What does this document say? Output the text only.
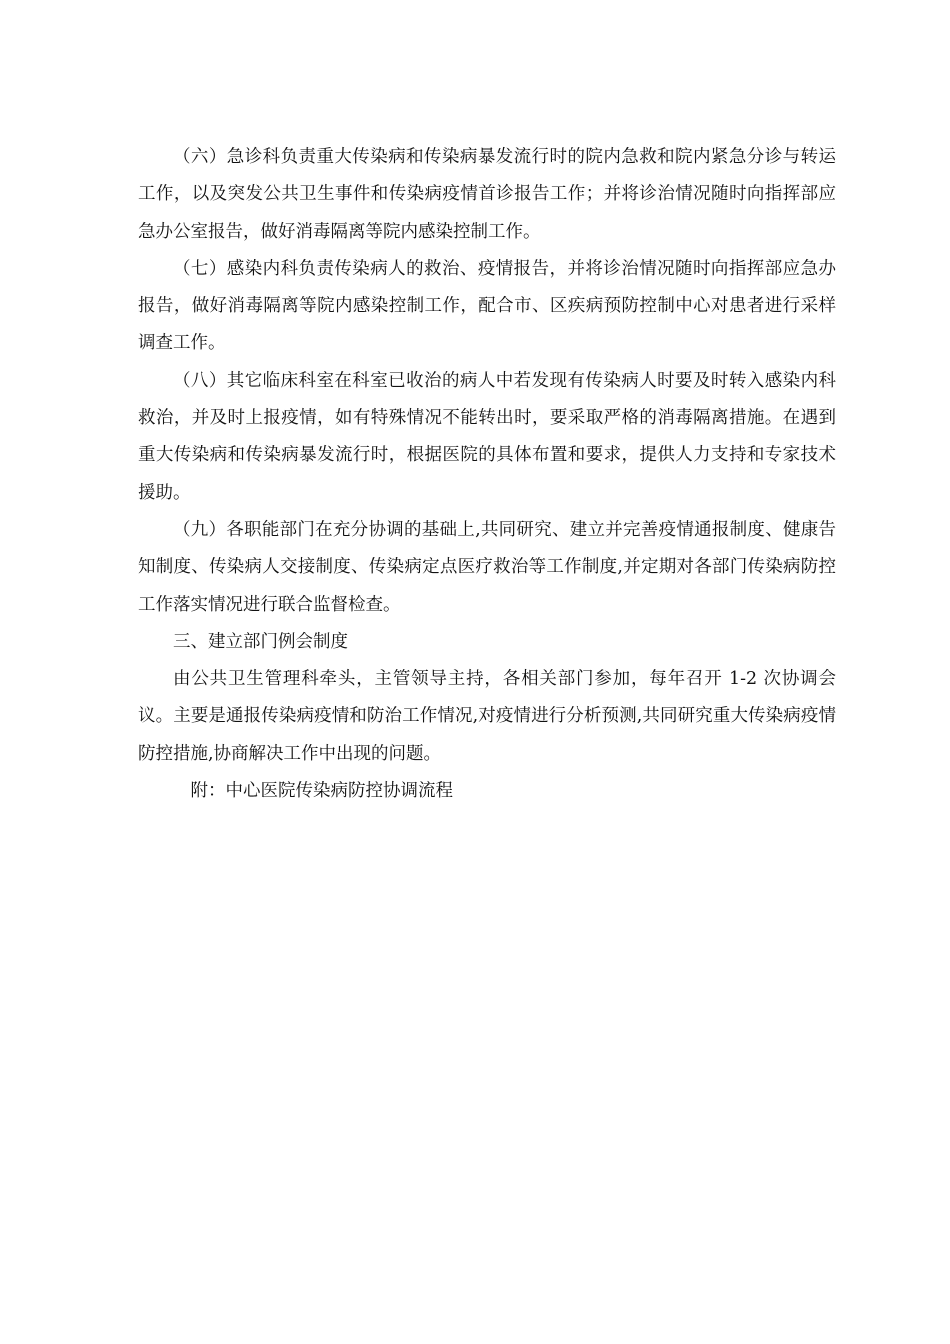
（六）急诊科负责重大传染病和传染病暴发流行时的院内急救和院内紧急分诊与转运工作，以及突发公共卫生事件和传染病疫情首诊报告工作；并将诊治情况随时向指挥部应急办公室报告，做好消毒隔离等院内感染控制工作。

（七）感染内科负责传染病人的救治、疫情报告，并将诊治情况随时向指挥部应急办报告，做好消毒隔离等院内感染控制工作，配合市、区疾病预防控制中心对患者进行采样调查工作。

（八）其它临床科室在科室已收治的病人中若发现有传染病人时要及时转入感染内科救治，并及时上报疫情，如有特殊情况不能转出时，要采取严格的消毒隔离措施。在遇到重大传染病和传染病暴发流行时，根据医院的具体布置和要求，提供人力支持和专家技术援助。

（九）各职能部门在充分协调的基础上,共同研究、建立并完善疫情通报制度、健康告知制度、传染病人交接制度、传染病定点医疗救治等工作制度,并定期对各部门传染病防控工作落实情况进行联合监督检查。

三、建立部门例会制度

由公共卫生管理科牵头，主管领导主持，各相关部门参加，每年召开 1-2 次协调会议。主要是通报传染病疫情和防治工作情况,对疫情进行分析预测,共同研究重大传染病疫情防控措施,协商解决工作中出现的问题。

附：中心医院传染病防控协调流程
